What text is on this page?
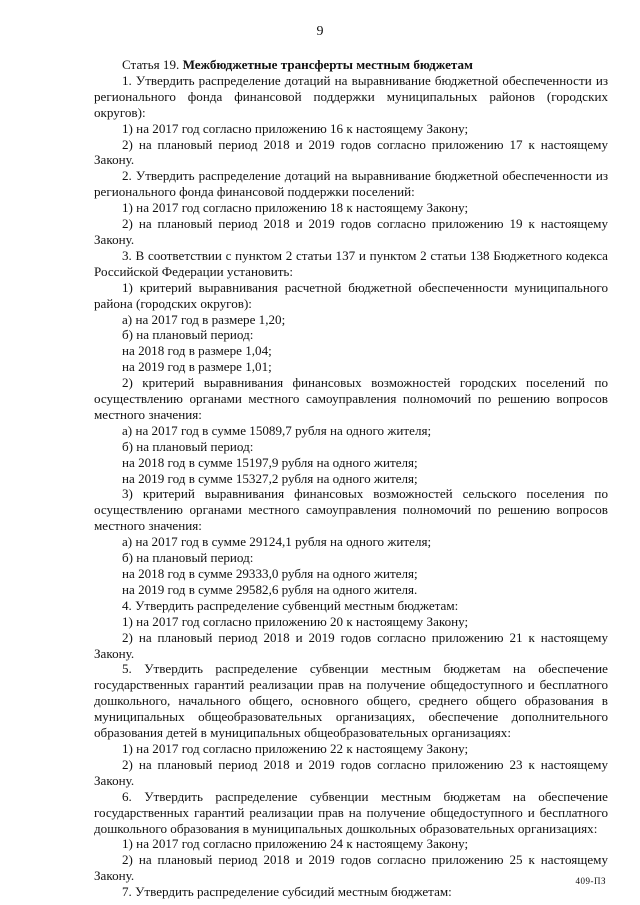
9

Статья 19. Межбюджетные трансферты местным бюджетам

1. Утвердить распределение дотаций на выравнивание бюджетной обеспеченности из регионального фонда финансовой поддержки муниципальных районов (городских округов):

1) на 2017 год согласно приложению 16 к настоящему Закону;

2) на плановый период 2018 и 2019 годов согласно приложению 17 к настоящему Закону.

2. Утвердить распределение дотаций на выравнивание бюджетной обеспеченности из регионального фонда финансовой поддержки поселений:

1) на 2017 год согласно приложению 18 к настоящему Закону;

2) на плановый период 2018 и 2019 годов согласно приложению 19 к настоящему Закону.

3. В соответствии с пунктом 2 статьи 137 и пунктом 2 статьи 138 Бюджетного кодекса Российской Федерации установить:

1) критерий выравнивания расчетной бюджетной обеспеченности муниципального района (городских округов):

а) на 2017 год в размере 1,20;

б) на плановый период:

на 2018 год в размере 1,04;

на 2019 год в размере 1,01;

2) критерий выравнивания финансовых возможностей городских поселений по осуществлению органами местного самоуправления полномочий по решению вопросов местного значения:

а) на 2017 год в сумме 15089,7 рубля на одного жителя;

б) на плановый период:

на 2018 год в сумме 15197,9 рубля на одного жителя;

на 2019 год в сумме 15327,2 рубля на одного жителя;

3) критерий выравнивания финансовых возможностей сельского поселения по осуществлению органами местного самоуправления полномочий по решению вопросов местного значения:

а) на 2017 год в сумме 29124,1 рубля на одного жителя;

б) на плановый период:

на 2018 год в сумме 29333,0 рубля на одного жителя;

на 2019 год в сумме 29582,6 рубля на одного жителя.

4. Утвердить распределение субвенций местным бюджетам:

1) на 2017 год согласно приложению 20 к настоящему Закону;

2) на плановый период 2018 и 2019 годов согласно приложению 21 к настоящему Закону.

5. Утвердить распределение субвенции местным бюджетам на обеспечение государственных гарантий реализации прав на получение общедоступного и бесплатного дошкольного, начального общего, основного общего, среднего общего образования в муниципальных общеобразовательных организациях, обеспечение дополнительного образования детей в муниципальных общеобразовательных организациях:

1) на 2017 год согласно приложению 22 к настоящему Закону;

2) на плановый период 2018 и 2019 годов согласно приложению 23 к настоящему Закону.

6. Утвердить распределение субвенции местным бюджетам на обеспечение государственных гарантий реализации прав на получение общедоступного и бесплатного дошкольного образования в муниципальных дошкольных образовательных организациях:

1) на 2017 год согласно приложению 24 к настоящему Закону;

2) на плановый период 2018 и 2019 годов согласно приложению 25 к настоящему Закону.

7. Утвердить распределение субсидий местным бюджетам:

409-ПЗ
